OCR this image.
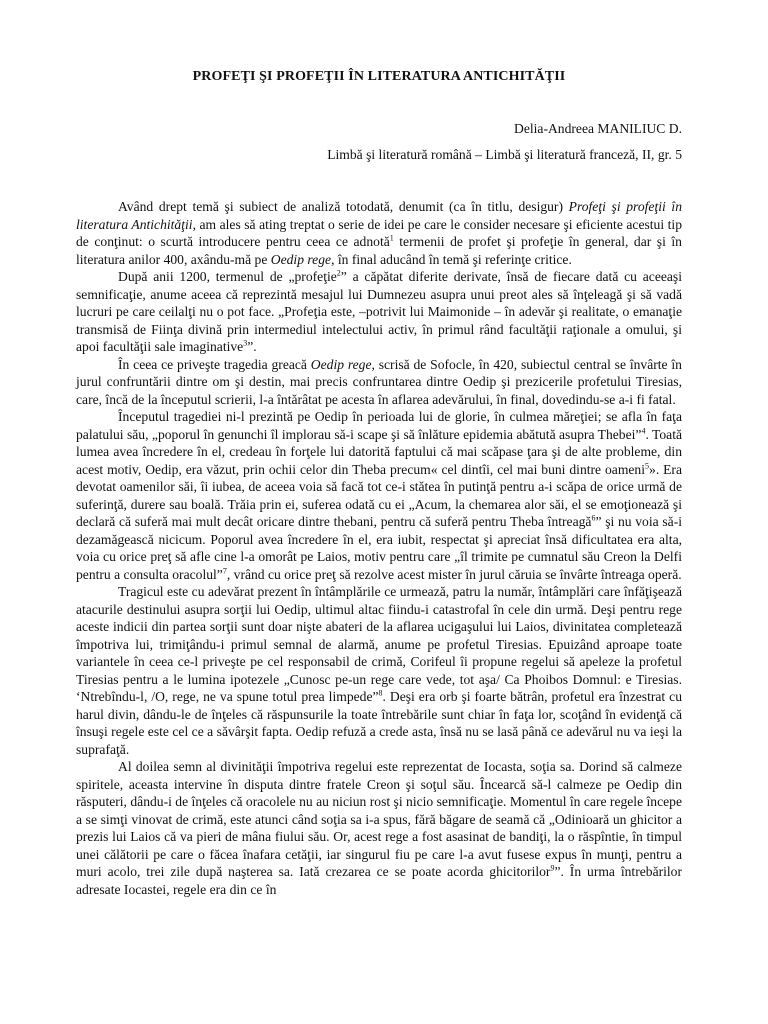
PROFEŢI ŞI PROFEŢII ÎN LITERATURA ANTICHITĂŢII
Delia-Andreea MANILIUC D.
Limbă şi literatură română – Limbă şi literatură franceză, II, gr. 5

Având drept temă şi subiect de analiză totodată, denumit (ca în titlu, desigur) Profeţi şi profeţii în literatura Antichităţii, am ales să ating treptat o serie de idei pe care le consider necesare şi eficiente acestui tip de conţinut: o scurtă introducere pentru ceea ce adnotă$^1$ termenii de profet şi profeţie în general, dar şi în literatura anilor 400, axându-mă pe Oedip rege, în final aducând în temă şi referinţe critice.

După anii 1200, termenul de „profeţie$^2$” a căpătat diferite derivate, însă de fiecare dată cu aceeaşi semnificaţie, anume aceea că reprezintă mesajul lui Dumnezeu asupra unui preot ales să înţeleagă şi să vadă lucruri pe care ceilalţi nu o pot face. „Profeţia este, –potrivit lui Maimonide – în adevăr şi realitate, o emanaţie transmisă de Fiinţa divină prin intermediul intelectului activ, în primul rând facultăţii raţionale a omului, şi apoi facultăţii sale imaginative$^3$”.

În ceea ce priveşte tragedia greacă Oedip rege, scrisă de Sofocle, în 420, subiectul central se învârte în jurul confruntării dintre om şi destin, mai precis confruntarea dintre Oedip şi prezicerile profetului Tiresias, care, încă de la începutul scrierii, l-a întărâtat pe acesta în aflarea adevărului, în final, dovedindu-se a-i fi fatal.

Începutul tragediei ni-l prezintă pe Oedip în perioada lui de glorie, în culmea măreţiei; se afla în faţa palatului său, „poporul în genunchi îl implorau să-i scape şi să înlăture epidemia abătută asupra Thebei”$^4$. Toată lumea avea încredere în el, credeau în forţele lui datorită faptului că mai scăpase ţara şi de alte probleme, din acest motiv, Oedip, era văzut, prin ochii celor din Theba precum« cel dintîi, cel mai buni dintre oameni$^5$». Era devotat oamenilor săi, îi iubea, de aceea voia să facă tot ce-i stătea în putinţă pentru a-i scăpa de orice urmă de suferinţă, durere sau boală. Trăia prin ei, suferea odată cu ei „Acum, la chemarea alor săi, el se emoţionează şi declară că suferă mai mult decât oricare dintre thebani, pentru că suferă pentru Theba întreagă$^6$” şi nu voia să-i dezamăgească nicicum. Poporul avea încredere în el, era iubit, respectat şi apreciat însă dificultatea era alta, voia cu orice preţ să afle cine l-a omorât pe Laios, motiv pentru care „îl trimite pe cumnatul său Creon la Delfi pentru a consulta oracolul”$^7$, vrând cu orice preţ să rezolve acest mister în jurul căruia se învârte întreaga operă.

Tragicul este cu adevărat prezent în întâmplările ce urmează, patru la număr, întâmplări care înfăţişează atacurile destinului asupra sorţii lui Oedip, ultimul altac fiindu-i catastrofal în cele din urmă. Deşi pentru rege aceste indicii din partea sorţii sunt doar nişte abateri de la aflarea ucigaşului lui Laios, divinitatea completează împotriva lui, trimiţându-i primul semnal de alarmă, anume pe profetul Tiresias. Epuizând aproape toate variantele în ceea ce-l priveşte pe cel responsabil de crimă, Corifeul îi propune regelui să apeleze la profetul Tiresias pentru a le lumina ipotezele „Cunosc pe-un rege care vede, tot aşa/ Ca Phoibos Domnul: e Tiresias. ‘Ntrebîndu-l, /O, rege, ne va spune totul prea limpede”$^8$. Deşi era orb şi foarte bătrân, profetul era înzestrat cu harul divin, dându-le de înţeles că răspunsurile la toate întrebările sunt chiar în faţa lor, scoţând în evidenţă că însuşi regele este cel ce a săvârşit fapta. Oedip refuză a crede asta, însă nu se lasă până ce adevărul nu va ieşi la suprafaţă.

Al doilea semn al divinităţii împotriva regelui este reprezentat de Iocasta, soţia sa. Dorind să calmeze spiritele, aceasta intervine în disputa dintre fratele Creon şi soţul său. Încearcă să-l calmeze pe Oedip din răsputeri, dându-i de înţeles că oracolele nu au niciun rost şi nicio semnificaţie. Momentul în care regele începe a se simţi vinovat de crimă, este atunci când soţia sa i-a spus, fără băgare de seamă că „Odinioară un ghicitor a prezis lui Laios că va pieri de mâna fiului său. Or, acest rege a fost asasinat de bandiţi, la o răspîntie, în timpul unei călătorii pe care o făcea înafara cetăţii, iar singurul fiu pe care l-a avut fusese expus în munţi, pentru a muri acolo, trei zile după naşterea sa. Iată crezarea ce se poate acorda ghicitorilor$^9$”. În urma întrebărilor adresate Iocastei, regele era din ce în
